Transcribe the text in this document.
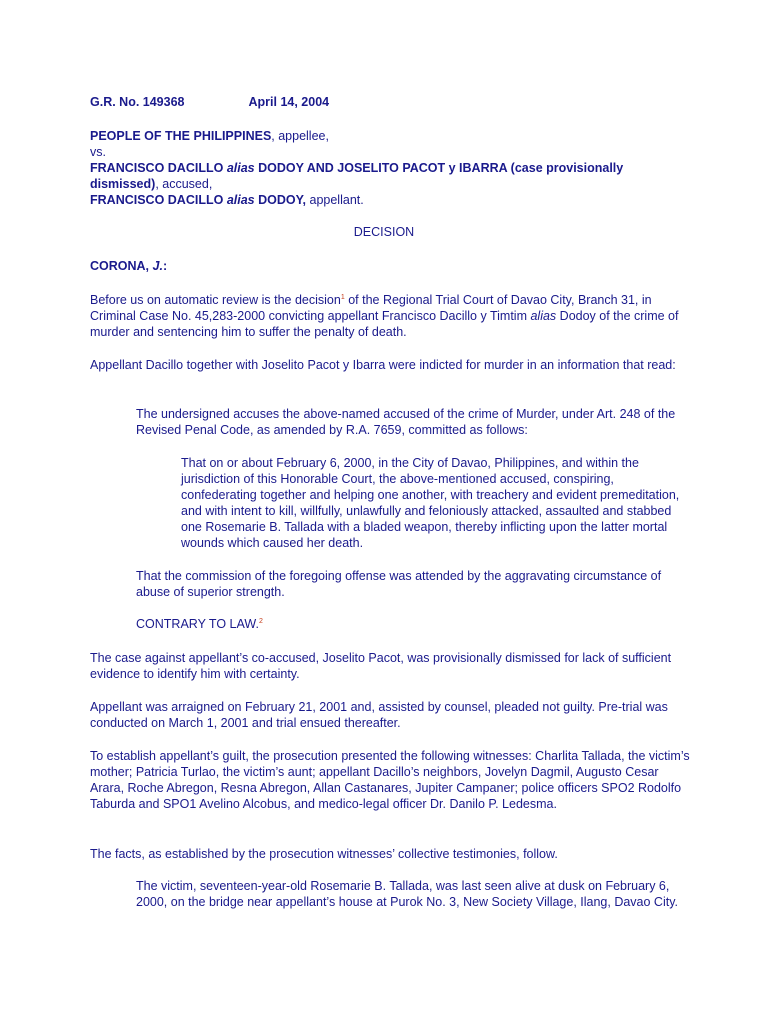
G.R. No. 149368	April 14, 2004

PEOPLE OF THE PHILIPPINES, appellee,
vs.
FRANCISCO DACILLO alias DODOY AND JOSELITO PACOT y IBARRA (case provisionally dismissed), accused,
FRANCISCO DACILLO alias DODOY, appellant.

DECISION

CORONA, J.:

Before us on automatic review is the decision$^1$ of the Regional Trial Court of Davao City, Branch 31, in Criminal Case No. 45,283-2000 convicting appellant Francisco Dacillo y Timtim alias Dodoy of the crime of murder and sentencing him to suffer the penalty of death.

Appellant Dacillo together with Joselito Pacot y Ibarra were indicted for murder in an information that read:

The undersigned accuses the above-named accused of the crime of Murder, under Art. 248 of the Revised Penal Code, as amended by R.A. 7659, committed as follows:

That on or about February 6, 2000, in the City of Davao, Philippines, and within the jurisdiction of this Honorable Court, the above-mentioned accused, conspiring, confederating together and helping one another, with treachery and evident premeditation, and with intent to kill, willfully, unlawfully and feloniously attacked, assaulted and stabbed one Rosemarie B. Tallada with a bladed weapon, thereby inflicting upon the latter mortal wounds which caused her death.

That the commission of the foregoing offense was attended by the aggravating circumstance of abuse of superior strength.

CONTRARY TO LAW.$^2$

The case against appellant’s co-accused, Joselito Pacot, was provisionally dismissed for lack of sufficient evidence to identify him with certainty.

Appellant was arraigned on February 21, 2001 and, assisted by counsel, pleaded not guilty. Pre-trial was conducted on March 1, 2001 and trial ensued thereafter.

To establish appellant’s guilt, the prosecution presented the following witnesses: Charlita Tallada, the victim’s mother; Patricia Turlao, the victim’s aunt; appellant Dacillo’s neighbors, Jovelyn Dagmil, Augusto Cesar Arara, Roche Abregon, Resna Abregon, Allan Castanares, Jupiter Campaner; police officers SPO2 Rodolfo Taburda and SPO1 Avelino Alcobus, and medico-legal officer Dr. Danilo P. Ledesma.

The facts, as established by the prosecution witnesses’ collective testimonies, follow.

The victim, seventeen-year-old Rosemarie B. Tallada, was last seen alive at dusk on February 6, 2000, on the bridge near appellant’s house at Purok No. 3, New Society Village, Ilang, Davao City.
